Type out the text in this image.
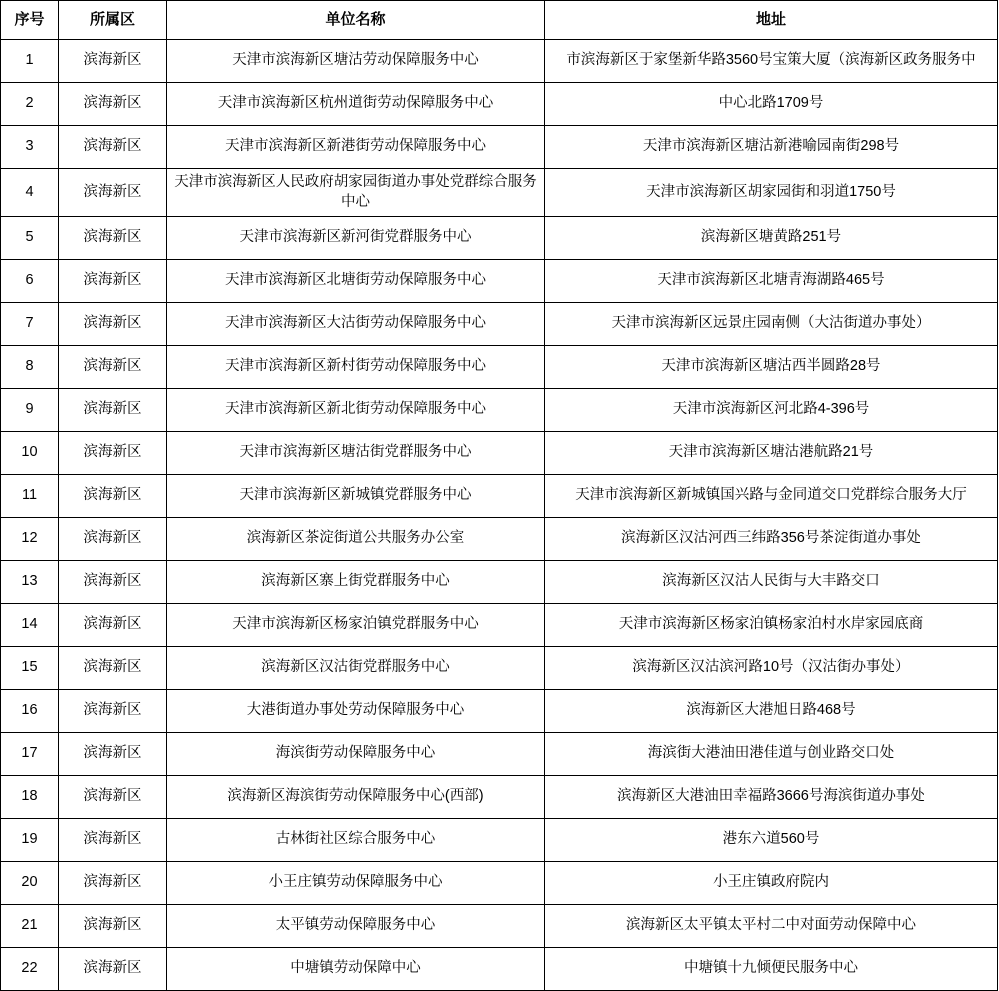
序号	所属区	单位名称	地址
1	滨海新区	天津市滨海新区塘沽劳动保障服务中心	市滨海新区于家堡新华路3560号宝策大厦（滨海新区政务服务中
2	滨海新区	天津市滨海新区杭州道街劳动保障服务中心	中心北路1709号
3	滨海新区	天津市滨海新区新港街劳动保障服务中心	天津市滨海新区塘沽新港喻园南街298号
4	滨海新区	天津市滨海新区人民政府胡家园街道办事处党群综合服务中心	天津市滨海新区胡家园街和羽道1750号
5	滨海新区	天津市滨海新区新河街党群服务中心	滨海新区塘黄路251号
6	滨海新区	天津市滨海新区北塘街劳动保障服务中心	天津市滨海新区北塘青海湖路465号
7	滨海新区	天津市滨海新区大沽街劳动保障服务中心	天津市滨海新区远景庄园南侧（大沽街道办事处）
8	滨海新区	天津市滨海新区新村街劳动保障服务中心	天津市滨海新区塘沽西半圆路28号
9	滨海新区	天津市滨海新区新北街劳动保障服务中心	天津市滨海新区河北路4-396号
10	滨海新区	天津市滨海新区塘沽街党群服务中心	天津市滨海新区塘沽港航路21号
11	滨海新区	天津市滨海新区新城镇党群服务中心	天津市滨海新区新城镇国兴路与金同道交口党群综合服务大厅
12	滨海新区	滨海新区茶淀街道公共服务办公室	滨海新区汉沽河西三纬路356号茶淀街道办事处
13	滨海新区	滨海新区寨上街党群服务中心	滨海新区汉沽人民街与大丰路交口
14	滨海新区	天津市滨海新区杨家泊镇党群服务中心	天津市滨海新区杨家泊镇杨家泊村水岸家园底商
15	滨海新区	滨海新区汉沽街党群服务中心	滨海新区汉沽滨河路10号（汉沽街办事处）
16	滨海新区	大港街道办事处劳动保障服务中心	滨海新区大港旭日路468号
17	滨海新区	海滨街劳动保障服务中心	海滨街大港油田港佳道与创业路交口处
18	滨海新区	滨海新区海滨街劳动保障服务中心(西部)	滨海新区大港油田幸福路3666号海滨街道办事处
19	滨海新区	古林街社区综合服务中心	港东六道560号
20	滨海新区	小王庄镇劳动保障服务中心	小王庄镇政府院内
21	滨海新区	太平镇劳动保障服务中心	滨海新区太平镇太平村二中对面劳动保障中心
22	滨海新区	中塘镇劳动保障中心	中塘镇十九倾便民服务中心
